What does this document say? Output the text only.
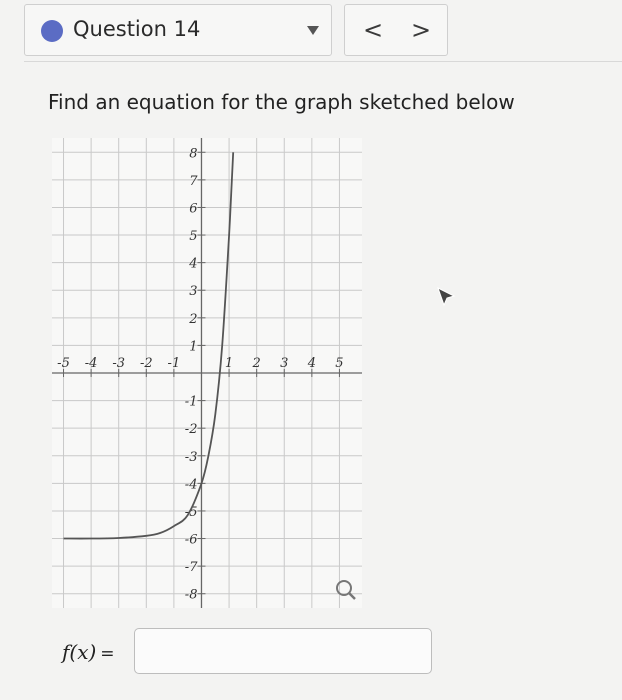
Question 14	<	>
Find an equation for the graph sketched below
-5 -4 -3 -2 -1	1 2 3 4 5
8
7
6
5
4
3
2
1
-1
-2
-3
-4
-5
-6
-7
-8
f(x) =
